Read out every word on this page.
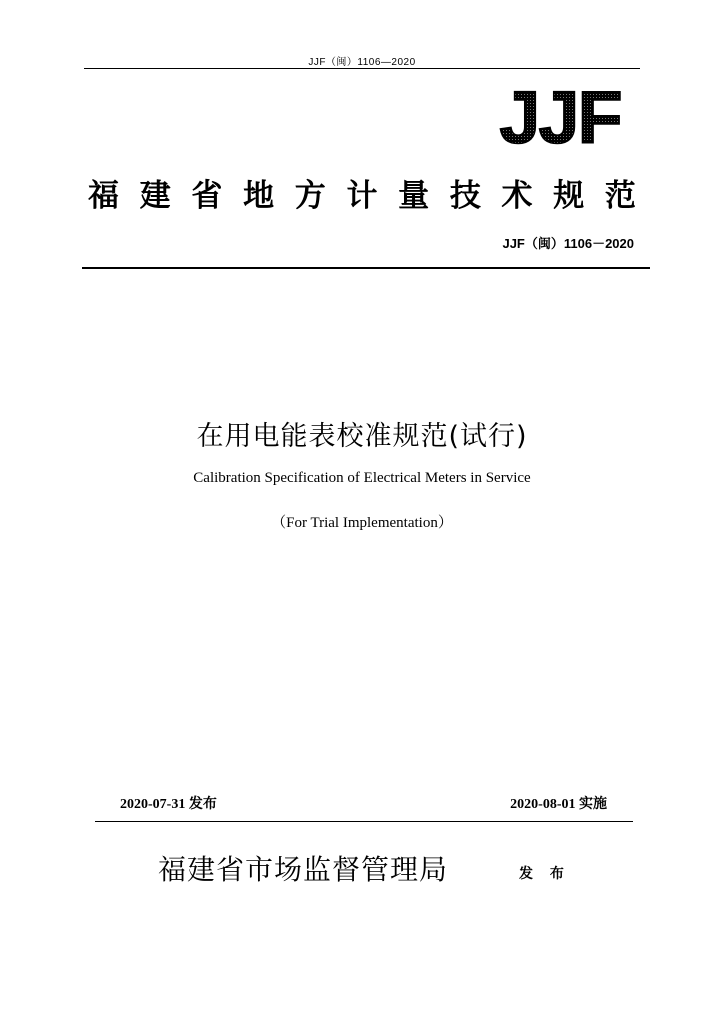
JJF（闽）1106—2020
JJF
福 建 省 地 方 计 量 技 术 规 范
JJF（闽）1106－2020
在用电能表校准规范(试行)
Calibration Specification of Electrical Meters in Service
（For Trial Implementation）
2020-07-31 发布	2020-08-01 实施
福建省市场监督管理局	发 布
